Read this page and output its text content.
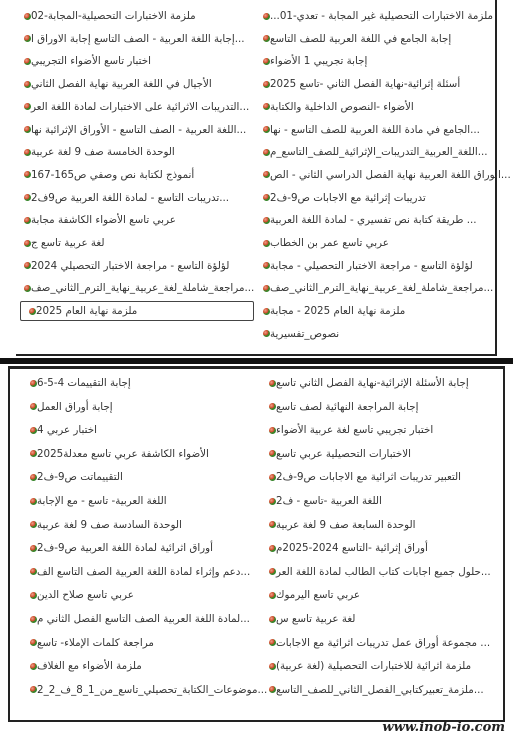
ملزمة الاختبارات التحصيلية غير المجابة - تعدي-01...
إجابة الجامع في اللغة العربية للصف التاسع
إجابة تجريبي 1 الأضواء
أسئلة إثرائية-نهاية الفصل الثاني -تاسع 2025
الأضواء -النصوص الداخلية والكتابة
...الجامع في مادة اللغة العربية للصف التاسع - نها
...اللغة_العربية_التدريبات_الإثرائية_للصف_التاسع_م
...الوراق اللغة العربية نهاية الفصل الدراسي الثاني - الص
تدريبات إثرائية مع الاجابات ص9-ف2
... طريقة كتابة نص تفسيري - لمادة اللغة العربية
عربي تاسع عمر بن الخطاب
لؤلؤة التاسع - مراجعة الاختبار التحصيلي - مجابة
...مراجعة_شاملة_لغة_عربية_نهاية_الترم_الثاني_صف
ملزمة نهاية العام 2025 - مجابة
نصوص_تفسيرية
ملزمة الاختبارات التحصيلية-المجابة-02
...إجابة اللغة العربية - الصف التاسع إجابة الاوراق ا
اختبار تاسع الأضواء التجريبي
الأجيال في اللغة العربية نهاية الفصل الثاني
...التدريبات الاثرائية على الاختبارات لمادة اللغة العر
...اللغة العربية - الصف التاسع - الأوراق الإثرائية نها
الوحدة الخامسة صف 9 لغة عربية
أنموذج لكتابة نص وصفي ص165-167
...تدريبات التاسع - لمادة اللغة العربية ص9ف2
عربي تاسع الأضواء الكاشفة مجابة
لغة عربية تاسع ج
لؤلؤة التاسع - مراجعة الاختبار التحصيلي 2024
...مراجعة_شاملة_لغة_عربية_نهاية_الترم_الثاني_صف
ملزمة نهاية العام 2025
إجابة الأسئلة الإثرائية-نهاية الفصل الثاني تاسع
إجابة المراجعة النهائية لصف تاسع
اختبار تجريبي تاسع لغة عربية الأضواء
الاختبارات التحصيلية عربي تاسع
التعبير تدريبات اثرائية مع الاجابات ص9-ف2
اللغة العربية -تاسع - ف2
الوحدة السابعة صف 9 لغة عربية
أوراق إثرائية -التاسع 2024-2025م
...حلول جميع اجابات كتاب الطالب لمادة اللغة العر
عربي تاسع اليرموك
لغة عربية تاسع س
... مجموعة أوراق عمل تدريبات اثرائية مع الاجابات
ملزمة اثرائية للاختبارات التحصيلية (لغة عربية)
...ملزمة_تعبيركتابي_الفصل_الثاني_للصف_التاسع
إجابة التقييمات 4-5-6
إجابة أوراق العمل
اختبار عربي 4
الأضواء الكاشفة عربي تاسع معدلة2025
التقييماتت ص9-ف2
اللغة العربية- تاسع - مع الإجابة
الوحدة السادسة صف 9 لغة عربية
أوراق اثرائية لمادة اللغة العربية ص9-ف2
...دعم وإثراء لمادة اللغة العربية الصف التاسع الف
عربي تاسع صلاح الدين
...لمادة اللغة العربية الصف التاسع الفصل الثاني م
مراجعة كلمات الإملاء- تاسع
ملزمة الأضواء مع الغلاف
...موضوعات_الكتابة_تحصيلي_تاسع_من_1_8_ف_2_2
www.inob-io.com
